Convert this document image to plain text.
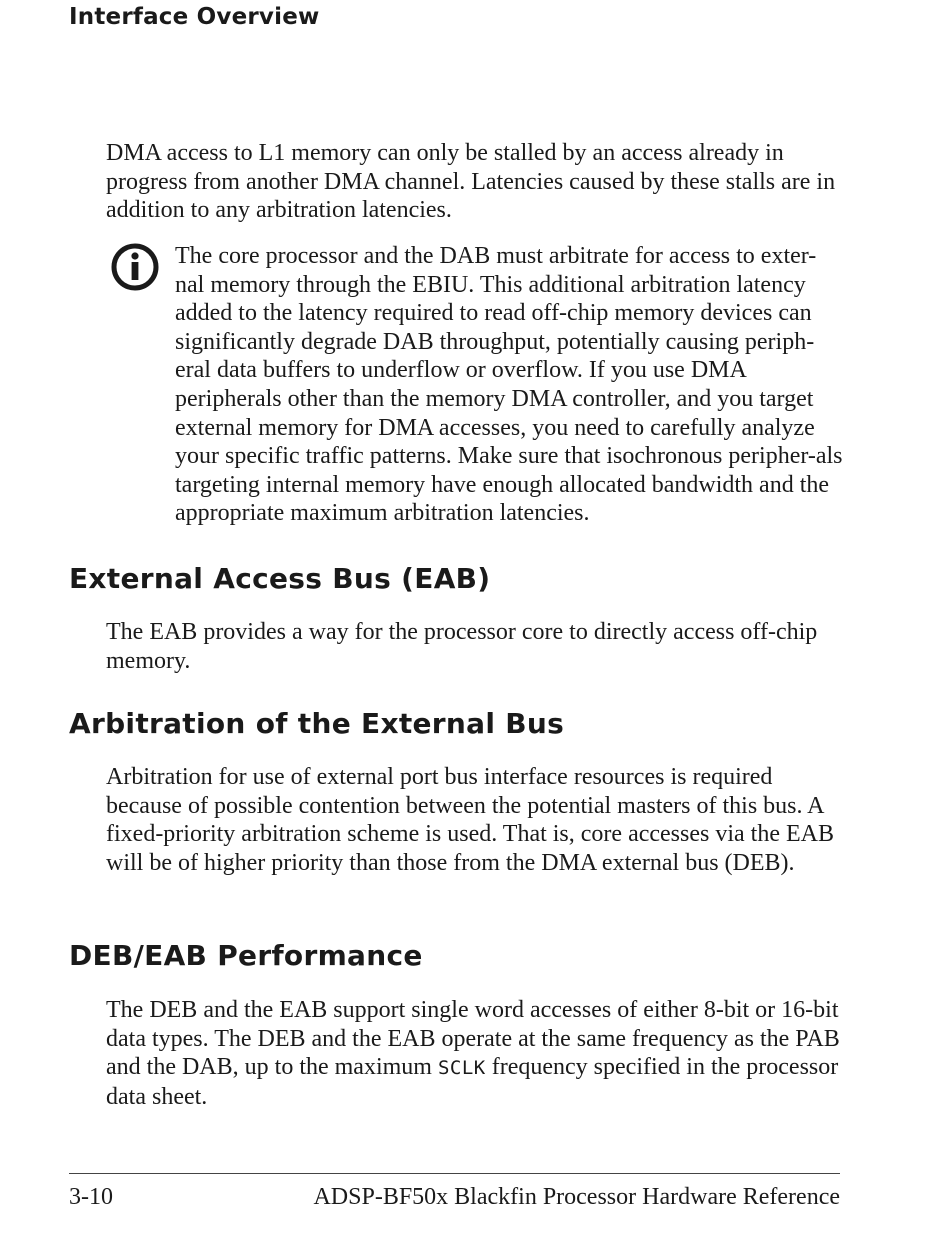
Interface Overview

DMA access to L1 memory can only be stalled by an access already in progress from another DMA channel. Latencies caused by these stalls are in addition to any arbitration latencies.

The core processor and the DAB must arbitrate for access to exter-nal memory through the EBIU. This additional arbitration latency added to the latency required to read off-chip memory devices can significantly degrade DAB throughput, potentially causing periph-eral data buffers to underflow or overflow. If you use DMA peripherals other than the memory DMA controller, and you target external memory for DMA accesses, you need to carefully analyze your specific traffic patterns. Make sure that isochronous peripher-als targeting internal memory have enough allocated bandwidth and the appropriate maximum arbitration latencies.

External Access Bus (EAB)

The EAB provides a way for the processor core to directly access off-chip memory.

Arbitration of the External Bus

Arbitration for use of external port bus interface resources is required because of possible contention between the potential masters of this bus. A fixed-priority arbitration scheme is used. That is, core accesses via the EAB will be of higher priority than those from the DMA external bus (DEB).

DEB/EAB Performance

The DEB and the EAB support single word accesses of either 8-bit or 16-bit data types. The DEB and the EAB operate at the same frequency as the PAB and the DAB, up to the maximum SCLK frequency specified in the processor data sheet.

3-10	ADSP-BF50x Blackfin Processor Hardware Reference
